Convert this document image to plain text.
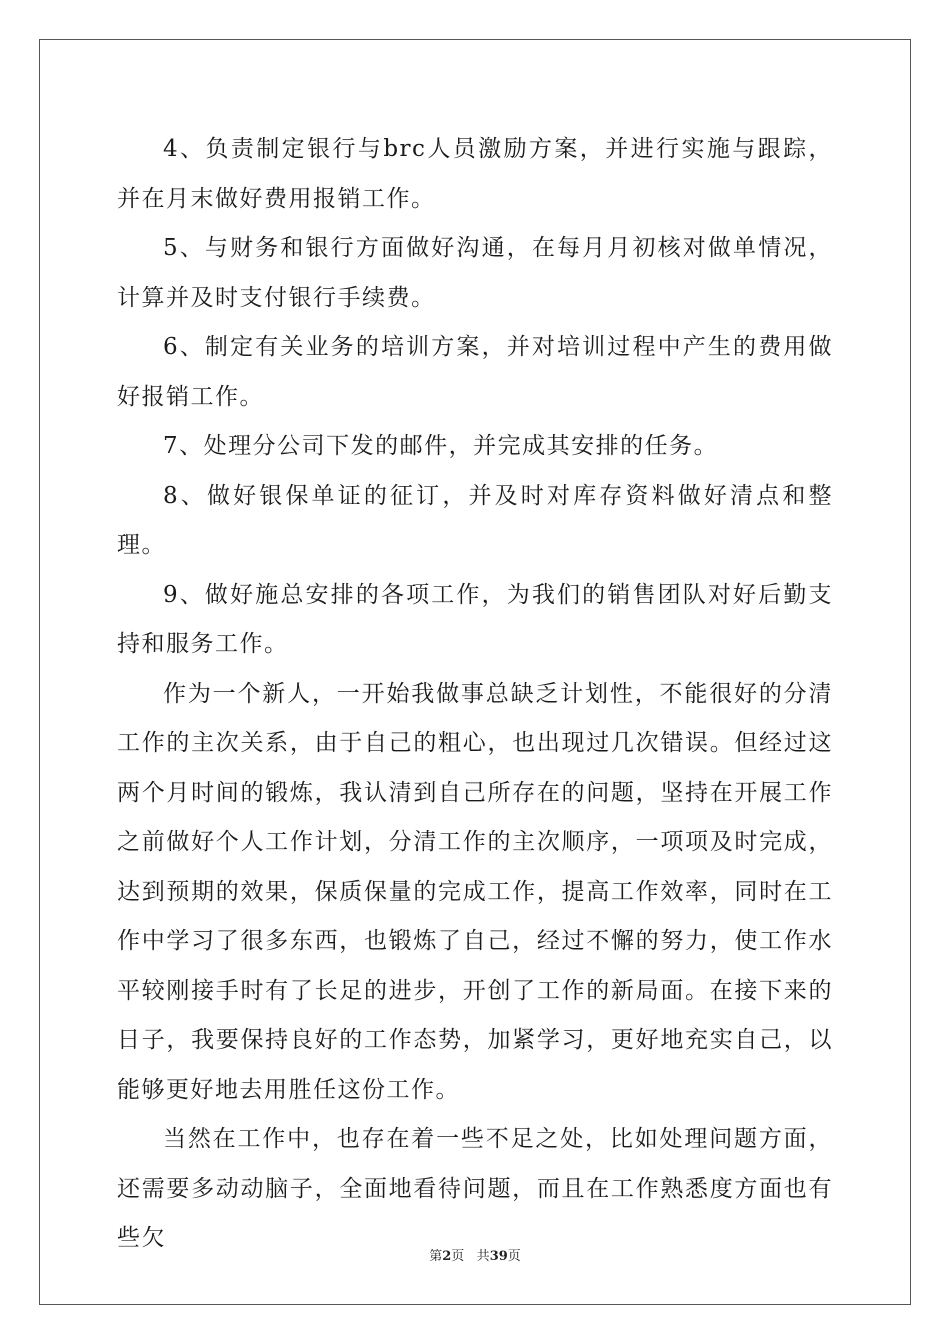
4、负责制定银行与brc人员激励方案，并进行实施与跟踪，并在月末做好费用报销工作。

5、与财务和银行方面做好沟通，在每月月初核对做单情况，计算并及时支付银行手续费。

6、制定有关业务的培训方案，并对培训过程中产生的费用做好报销工作。

7、处理分公司下发的邮件，并完成其安排的任务。

8、做好银保单证的征订，并及时对库存资料做好清点和整理。

9、做好施总安排的各项工作，为我们的销售团队对好后勤支持和服务工作。

作为一个新人，一开始我做事总缺乏计划性，不能很好的分清工作的主次关系，由于自己的粗心，也出现过几次错误。但经过这两个月时间的锻炼，我认清到自己所存在的问题，坚持在开展工作之前做好个人工作计划，分清工作的主次顺序，一项项及时完成，达到预期的效果，保质保量的完成工作，提高工作效率，同时在工作中学习了很多东西，也锻炼了自己，经过不懈的努力，使工作水平较刚接手时有了长足的进步，开创了工作的新局面。在接下来的日子，我要保持良好的工作态势，加紧学习，更好地充实自己，以能够更好地去用胜任这份工作。

当然在工作中，也存在着一些不足之处，比如处理问题方面，还需要多动动脑子，全面地看待问题，而且在工作熟悉度方面也有些欠

第2页 共39页
